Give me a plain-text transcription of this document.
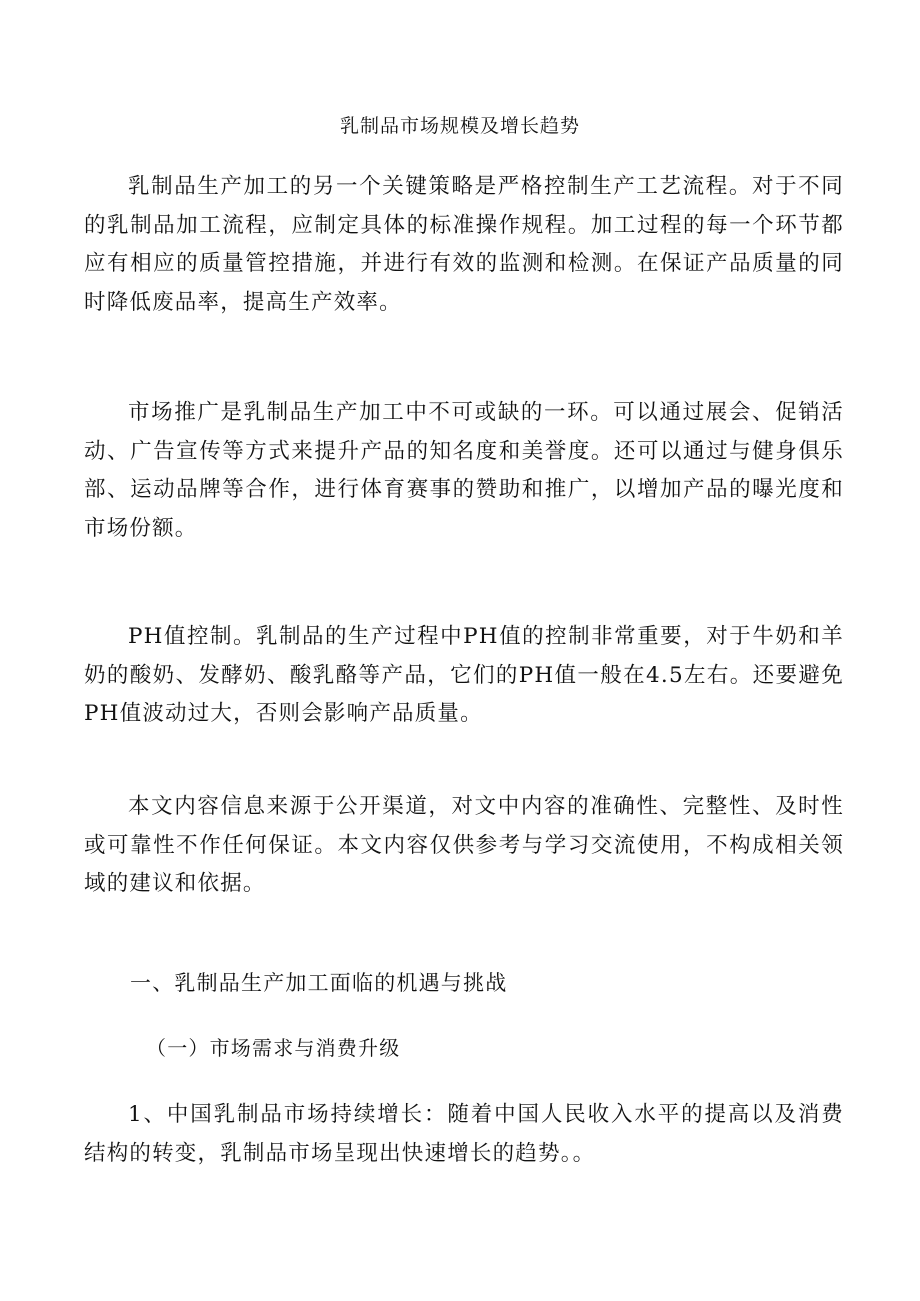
乳制品市场规模及增长趋势

乳制品生产加工的另一个关键策略是严格控制生产工艺流程。对于不同的乳制品加工流程，应制定具体的标准操作规程。加工过程的每一个环节都应有相应的质量管控措施，并进行有效的监测和检测。在保证产品质量的同时降低废品率，提高生产效率。

市场推广是乳制品生产加工中不可或缺的一环。可以通过展会、促销活动、广告宣传等方式来提升产品的知名度和美誉度。还可以通过与健身俱乐部、运动品牌等合作，进行体育赛事的赞助和推广，以增加产品的曝光度和市场份额。

PH值控制。乳制品的生产过程中PH值的控制非常重要，对于牛奶和羊奶的酸奶、发酵奶、酸乳酪等产品，它们的PH值一般在4.5左右。还要避免PH值波动过大，否则会影响产品质量。

本文内容信息来源于公开渠道，对文中内容的准确性、完整性、及时性或可靠性不作任何保证。本文内容仅供参考与学习交流使用，不构成相关领域的建议和依据。

一、乳制品生产加工面临的机遇与挑战
（一）市场需求与消费升级

1、中国乳制品市场持续增长：随着中国人民收入水平的提高以及消费结构的转变，乳制品市场呈现出快速增长的趋势。。
